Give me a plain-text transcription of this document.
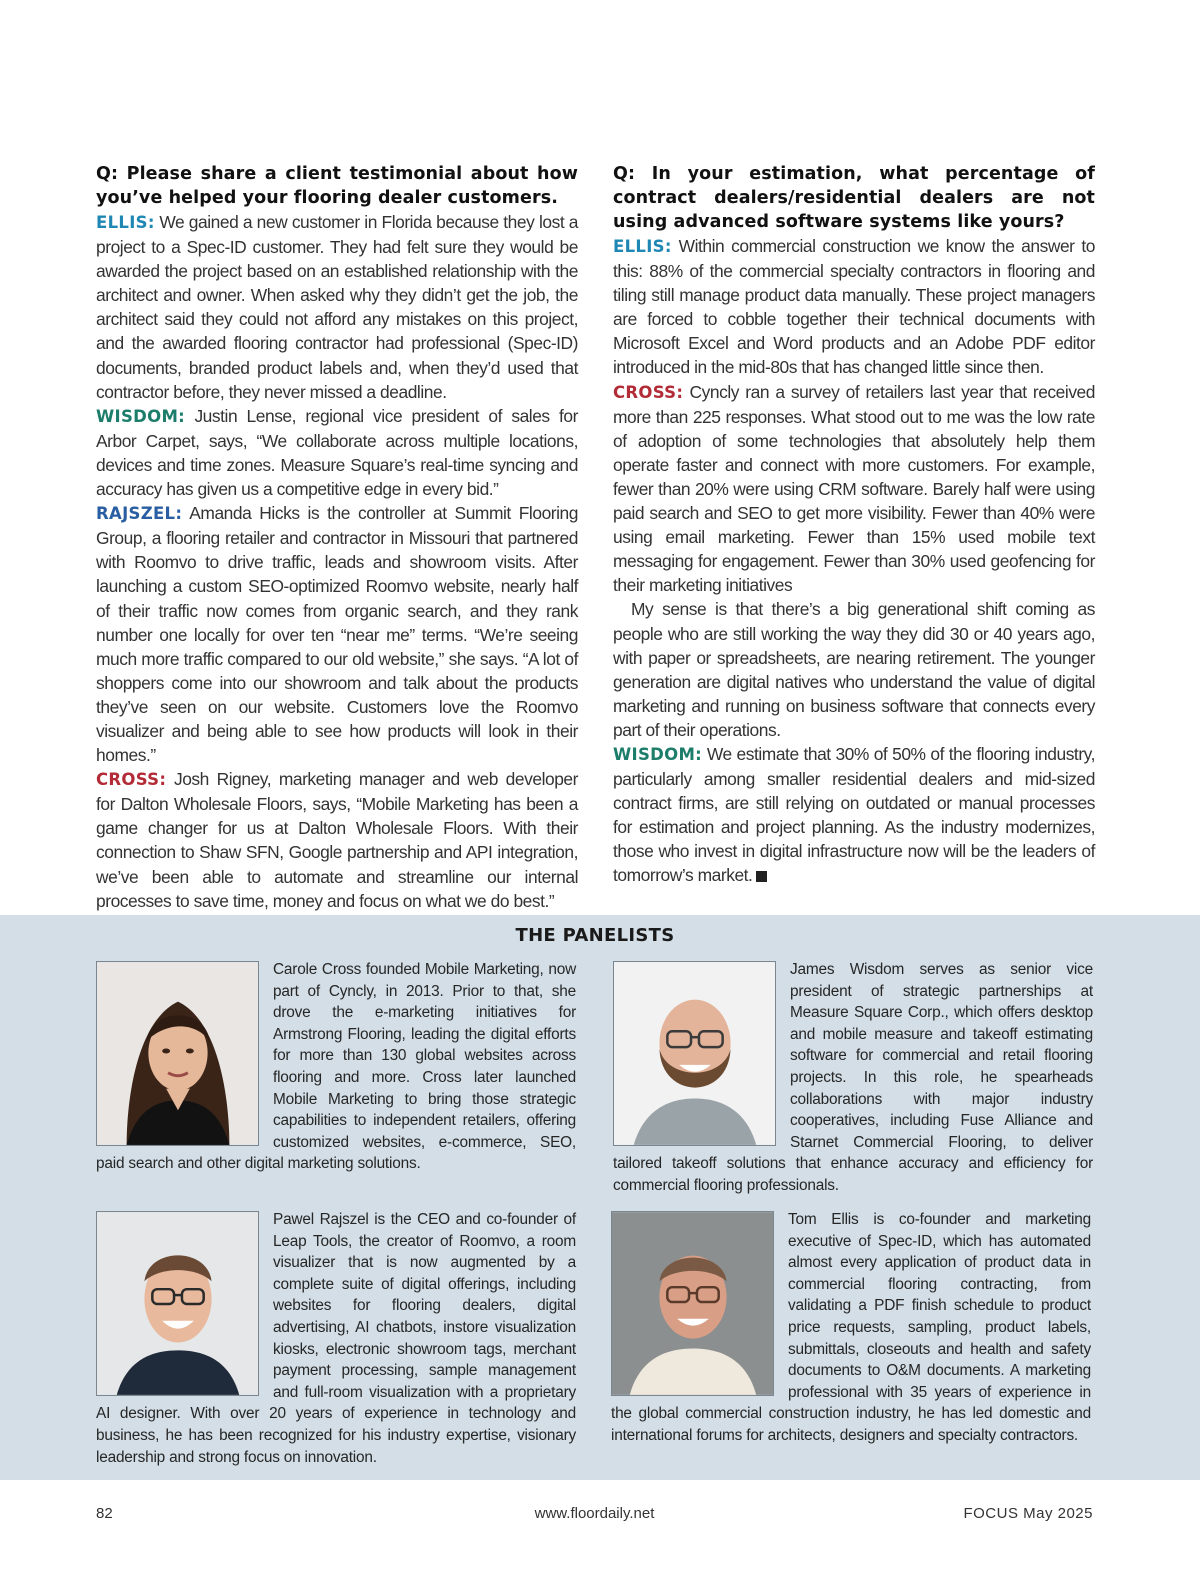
Q: Please share a client testimonial about how you’ve helped your flooring dealer customers.

ELLIS: We gained a new customer in Florida because they lost a project to a Spec-ID customer. They had felt sure they would be awarded the project based on an established relationship with the architect and owner. When asked why they didn’t get the job, the architect said they could not afford any mistakes on this project, and the awarded flooring contractor had professional (Spec-ID) documents, branded product labels and, when they’d used that contractor before, they never missed a deadline.

WISDOM: Justin Lense, regional vice president of sales for Arbor Carpet, says, “We collaborate across multiple locations, devices and time zones. Measure Square’s real-time syncing and accuracy has given us a competitive edge in every bid.”

RAJSZEL: Amanda Hicks is the controller at Summit Flooring Group, a flooring retailer and contractor in Missouri that partnered with Roomvo to drive traffic, leads and showroom visits. After launching a custom SEO-optimized Roomvo website, nearly half of their traffic now comes from organic search, and they rank number one locally for over ten “near me” terms. “We’re seeing much more traffic compared to our old website,” she says. “A lot of shoppers come into our showroom and talk about the products they’ve seen on our website. Customers love the Roomvo visualizer and being able to see how products will look in their homes.”

CROSS: Josh Rigney, marketing manager and web developer for Dalton Wholesale Floors, says, “Mobile Marketing has been a game changer for us at Dalton Wholesale Floors. With their connection to Shaw SFN, Google partnership and API integration, we’ve been able to automate and streamline our internal processes to save time, money and focus on what we do best.”

Q: In your estimation, what percentage of contract dealers/residential dealers are not using advanced software systems like yours?

ELLIS: Within commercial construction we know the answer to this: 88% of the commercial specialty contractors in flooring and tiling still manage product data manually. These project managers are forced to cobble together their technical documents with Microsoft Excel and Word products and an Adobe PDF editor introduced in the mid-80s that has changed little since then.

CROSS: Cyncly ran a survey of retailers last year that received more than 225 responses. What stood out to me was the low rate of adoption of some technologies that absolutely help them operate faster and connect with more customers. For example, fewer than 20% were using CRM software. Barely half were using paid search and SEO to get more visibility. Fewer than 40% were using email marketing. Fewer than 15% used mobile text messaging for engagement. Fewer than 30% used geofencing for their marketing initiatives

My sense is that there’s a big generational shift coming as people who are still working the way they did 30 or 40 years ago, with paper or spreadsheets, are nearing retirement. The younger generation are digital natives who understand the value of digital marketing and running on business software that connects every part of their operations.

WISDOM: We estimate that 30% of 50% of the flooring industry, particularly among smaller residential dealers and mid-sized contract firms, are still relying on outdated or manual processes for estimation and project planning. As the industry modernizes, those who invest in digital infrastructure now will be the leaders of tomorrow’s market.

THE PANELISTS

Carole Cross founded Mobile Marketing, now part of Cyncly, in 2013. Prior to that, she drove the e-marketing initiatives for Armstrong Flooring, leading the digital efforts for more than 130 global websites across flooring and more. Cross later launched Mobile Marketing to bring those strategic capabilities to independent retailers, offering customized websites, e-commerce, SEO, paid search and other digital marketing solutions.

James Wisdom serves as senior vice president of strategic partnerships at Measure Square Corp., which offers desktop and mobile measure and takeoff estimating software for commercial and retail flooring projects. In this role, he spearheads collaborations with major industry cooperatives, including Fuse Alliance and Starnet Commercial Flooring, to deliver tailored takeoff solutions that enhance accuracy and efficiency for commercial flooring professionals.

Pawel Rajszel is the CEO and co-founder of Leap Tools, the creator of Roomvo, a room visualizer that is now augmented by a complete suite of digital offerings, including websites for flooring dealers, digital advertising, AI chatbots, instore visualization kiosks, electronic showroom tags, merchant payment processing, sample management and full-room visualization with a proprietary AI designer. With over 20 years of experience in technology and business, he has been recognized for his industry expertise, visionary leadership and strong focus on innovation.

Tom Ellis is co-founder and marketing executive of Spec-ID, which has automated almost every application of product data in commercial flooring contracting, from validating a PDF finish schedule to product price requests, sampling, product labels, submittals, closeouts and health and safety documents to O&M documents. A marketing professional with 35 years of experience in the global commercial construction industry, he has led domestic and international forums for architects, designers and specialty contractors.

82	www.floordaily.net	FOCUS May 2025
